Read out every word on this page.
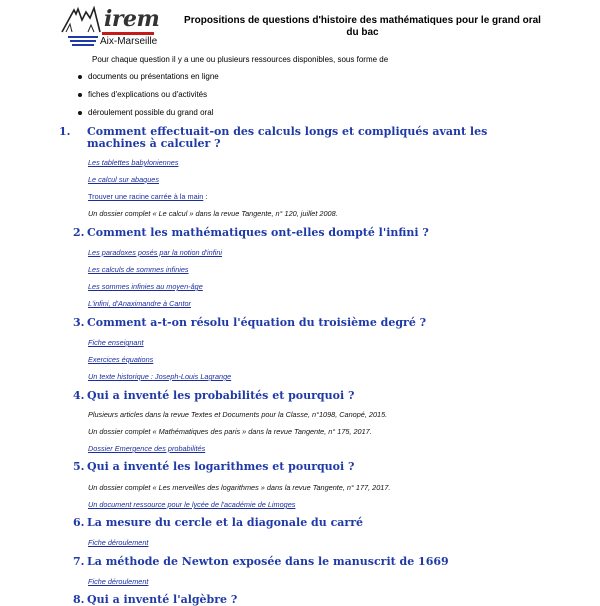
irem
Aix-Marseille
Propositions de questions d'histoire des mathématiques pour le grand oral du bac
Pour chaque question il y a une ou plusieurs ressources disponibles, sous forme de
documents ou présentations en ligne
fiches d'explications ou d'activités
déroulement possible du grand oral
1. Comment effectuait-on des calculs longs et compliqués avant les machines à calculer ?
Les tablettes babyloniennes
Le calcul sur abaques
Trouver une racine carrée à la main :
Un dossier complet « Le calcul » dans la revue Tangente, n° 120, juillet 2008.
2. Comment les mathématiques ont-elles dompté l'infini ?
Les paradoxes posés par la notion d'infini
Les calculs de sommes infinies
Les sommes infinies au moyen-âge
L'infini, d'Anaximandre à Cantor
3. Comment a-t-on résolu l'équation du troisième degré ?
Fiche enseignant
Exercices équations
Un texte historique : Joseph-Louis Lagrange
4. Qui a inventé les probabilités et pourquoi ?
Plusieurs articles dans la revue Textes et Documents pour la Classe, n°1098, Canopé, 2015.
Un dossier complet « Mathématiques des paris » dans la revue Tangente, n° 175, 2017.
Dossier Emergence des probabilités
5. Qui a inventé les logarithmes et pourquoi ?
Un dossier complet « Les merveilles des logarithmes » dans la revue Tangente, n° 177, 2017.
Un document ressource pour le lycée de l'académie de Limoges
6. La mesure du cercle et la diagonale du carré
Fiche déroulement
7. La méthode de Newton exposée dans le manuscrit de 1669
Fiche déroulement
8. Qui a inventé l'algèbre ?
